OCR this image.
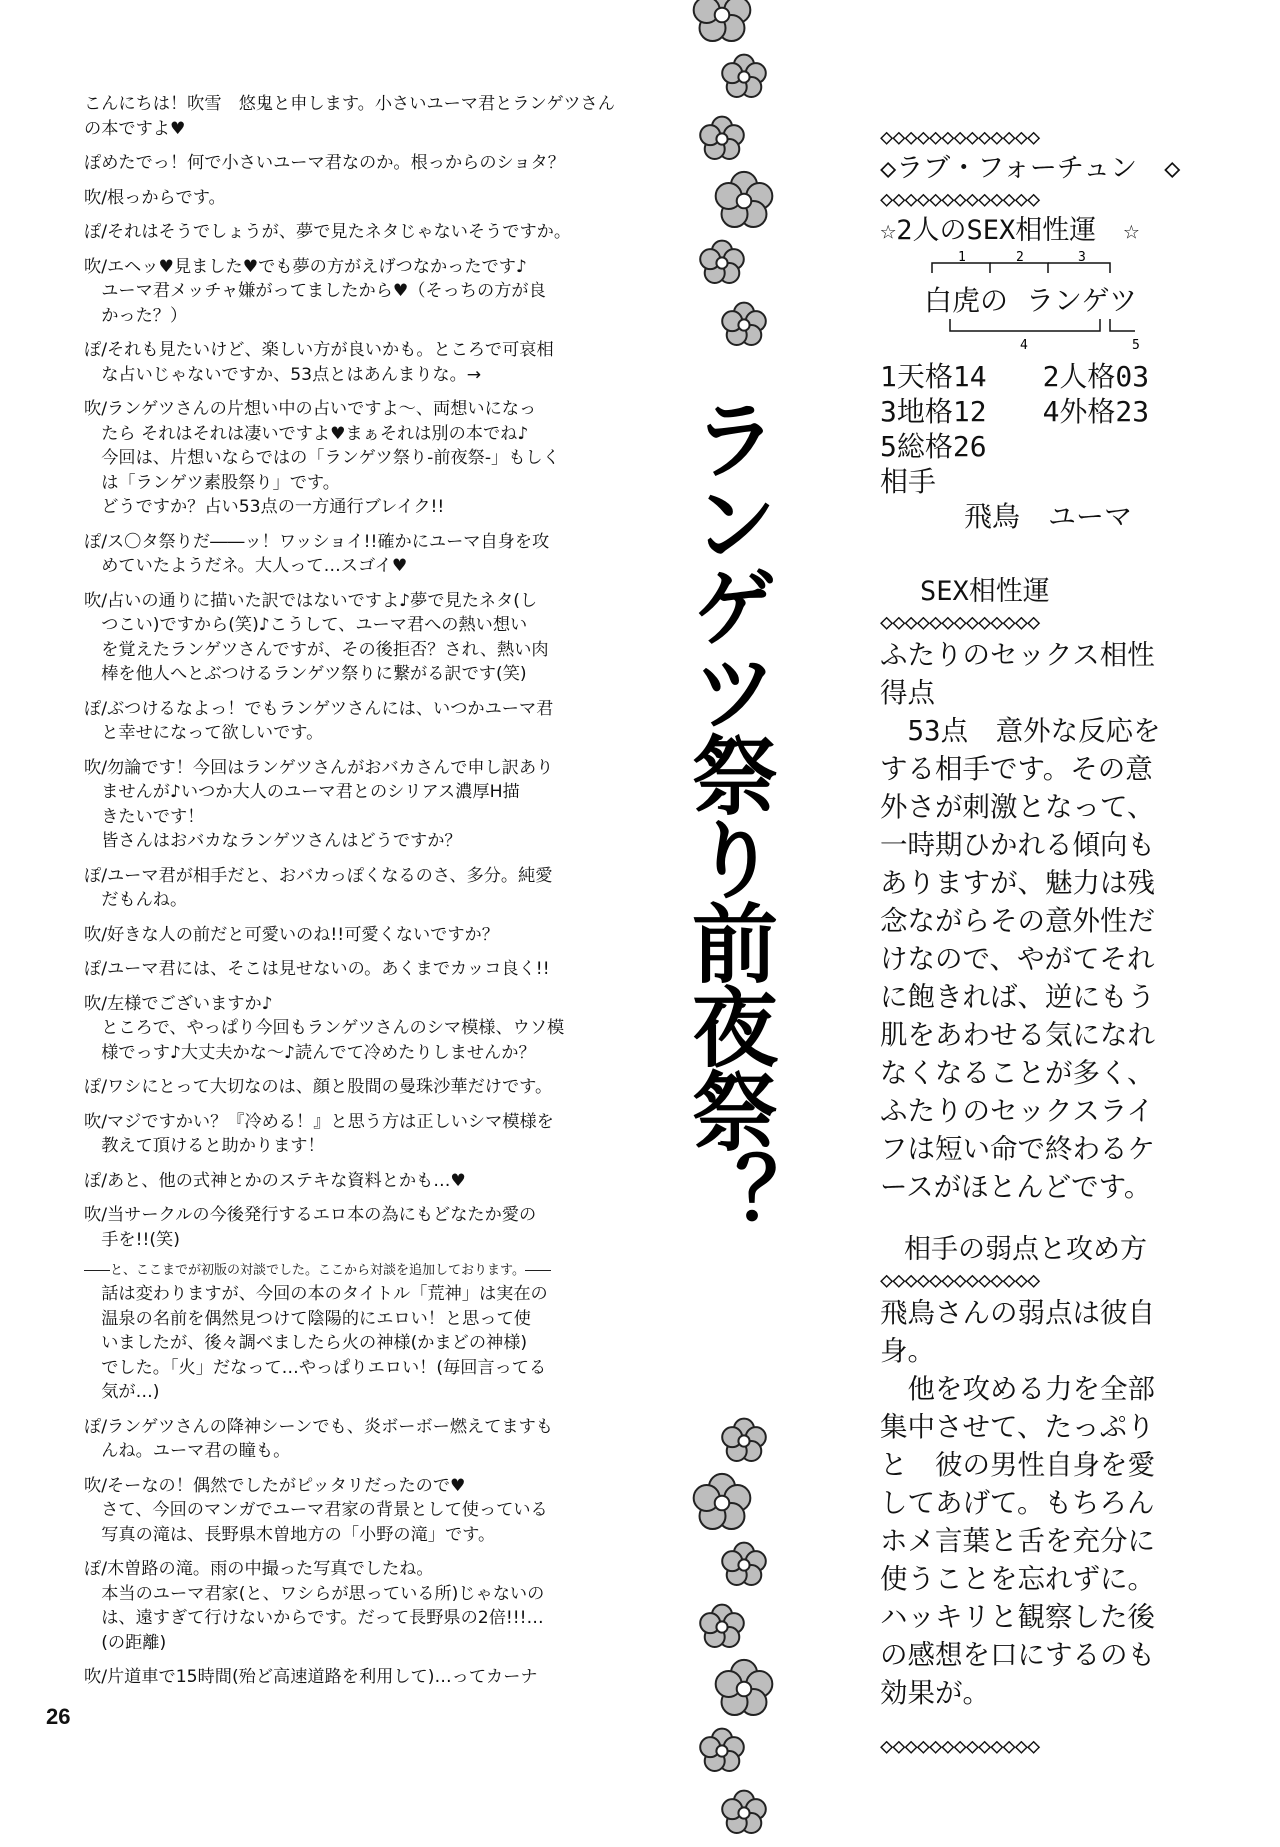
こんにちは！吹雪　悠鬼と申します。小さいユーマ君とランゲツさんの本ですよ♥
ぽめたでっ！何で小さいユーマ君なのか。根っからのショタ？
吹/根っからです。
ぽ/それはそうでしょうが、夢で見たネタじゃないそうですか。
吹/エヘッ♥見ました♥でも夢の方がえげつなかったです♪
　ユーマ君メッチャ嫌がってましたから♥（そっちの方が良
　かった？）
ぽ/それも見たいけど、楽しい方が良いかも。ところで可哀相
　な占いじゃないですか、53点とはあんまりな。→
吹/ランゲツさんの片想い中の占いですよ～、両想いになっ
　たら それはそれは凄いですよ♥まぁそれは別の本でね♪
　今回は、片想いならではの「ランゲツ祭り-前夜祭-」もしく
　は「ランゲツ素股祭り」です。
　どうですか？占い53点の一方通行ブレイク!!
ぽ/ス〇タ祭りだ――ッ！ワッショイ!!確かにユーマ自身を攻
　めていたようだネ。大人って…スゴイ♥
吹/占いの通りに描いた訳ではないですよ♪夢で見たネタ(し
　つこい)ですから(笑)♪こうして、ユーマ君への熱い想い
　を覚えたランゲツさんですが、その後拒否？され、熱い肉
　棒を他人へとぶつけるランゲツ祭りに繋がる訳です(笑)
ぽ/ぶつけるなよっ！でもランゲツさんには、いつかユーマ君
　と幸せになって欲しいです。
吹/勿論です！今回はランゲツさんがおバカさんで申し訳あり
　ませんが♪いつか大人のユーマ君とのシリアス濃厚H描
　きたいです！
　皆さんはおバカなランゲツさんはどうですか？
ぽ/ユーマ君が相手だと、おバカっぽくなるのさ、多分。純愛
　だもんね。
吹/好きな人の前だと可愛いのね!!可愛くないですか？
ぽ/ユーマ君には、そこは見せないの。あくまでカッコ良く!!
吹/左様でございますか♪
　ところで、やっぱり今回もランゲツさんのシマ模様、ウソ模
　様でっす♪大丈夫かな～♪読んでて冷めたりしませんか？
ぽ/ワシにとって大切なのは、顔と股間の曼珠沙華だけです。
吹/マジですかい？『冷める！』と思う方は正しいシマ模様を
　教えて頂けると助かります！
ぽ/あと、他の式神とかのステキな資料とかも…♥
吹/当サークルの今後発行するエロ本の為にもどなたか愛の
　手を!!(笑)
――と、ここまでが初版の対談でした。ここから対談を追加しております。――
　話は変わりますが、今回の本のタイトル「荒神」は実在の
　温泉の名前を偶然見つけて陰陽的にエロい！と思って使
　いましたが、後々調べましたら火の神様(かまどの神様)
　でした。「火」だなって…やっぱりエロい！(毎回言ってる
　気が…)
ぽ/ランゲツさんの降神シーンでも、炎ボーボー燃えてますも
　んね。ユーマ君の瞳も。
吹/そーなの！偶然でしたがピッタリだったので♥
　さて、今回のマンガでユーマ君家の背景として使っている
　写真の滝は、長野県木曽地方の「小野の滝」です。
ぽ/木曽路の滝。雨の中撮った写真でしたね。
　本当のユーマ君家(と、ワシらが思っている所)じゃないの
　は、遠すぎて行けないからです。だって長野県の2倍!!!…
　(の距離)
吹/片道車で15時間(殆ど高速道路を利用して)…ってカーナ
26
ランゲツ祭り前夜祭？
◇◇◇◇◇◇◇◇◇◇◇◇◇
◇ラブ・フォーチュン　◇
◇◇◇◇◇◇◇◇◇◇◇◇◇
☆2人のSEX相性運　☆
1	2	3
4	5
白虎の ランゲツ
1天格14　　2人格03
3地格12　　4外格23
5総格26
相手
　　　飛鳥　ユーマ
SEX相性運
◇◇◇◇◇◇◇◇◇◇◇◇◇
ふたりのセックス相性得点
　53点　意外な反応をする相手です。その意外さが刺激となって、一時期ひかれる傾向もありますが、魅力は残念ながらその意外性だけなので、やがてそれに飽きれば、逆にもう肌をあわせる気になれなくなることが多く、ふたりのセックスライフは短い命で終わるケースがほとんどです。
相手の弱点と攻め方
◇◇◇◇◇◇◇◇◇◇◇◇◇
飛鳥さんの弱点は彼自身。
　他を攻める力を全部集中させて、たっぷりと　彼の男性自身を愛してあげて。もちろんホメ言葉と舌を充分に使うことを忘れずに。ハッキリと観察した後の感想を口にするのも効果が。
◇◇◇◇◇◇◇◇◇◇◇◇◇
